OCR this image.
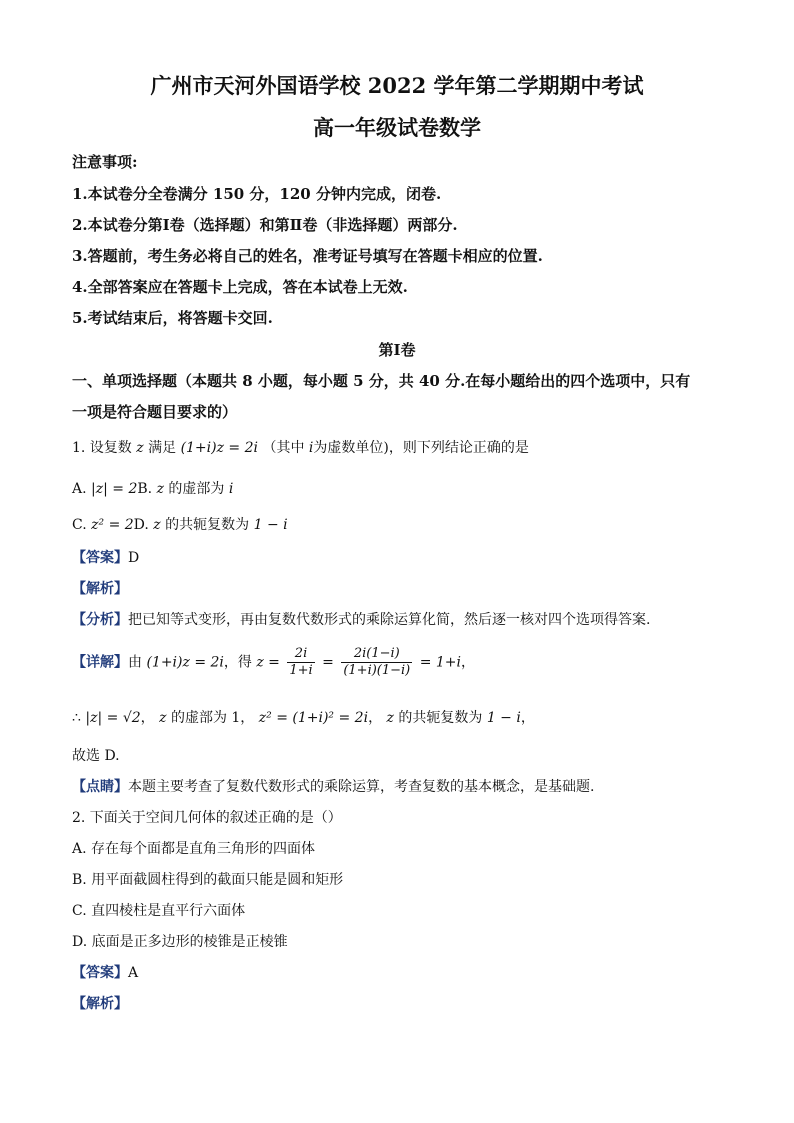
广州市天河外国语学校 2022 学年第二学期期中考试
高一年级试卷数学
注意事项:
1.本试卷分全卷满分 150 分，120 分钟内完成，闭卷.
2.本试卷分第Ⅰ卷（选择题）和第Ⅱ卷（非选择题）两部分.
3.答题前，考生务必将自己的姓名，准考证号填写在答题卡相应的位置.
4.全部答案应在答题卡上完成，答在本试卷上无效.
5.考试结束后，将答题卡交回.
第Ⅰ卷
一、单项选择题（本题共 8 小题，每小题 5 分，共 40 分.在每小题给出的四个选项中，只有
一项是符合题目要求的）
1. 设复数 z 满足 (1+i)z = 2i （其中 i为虚数单位)，则下列结论正确的是
A. |z| = 2B. z 的虚部为 i
C. z² = 2D. z 的共轭复数为 1 − i
【答案】D
【解析】
【分析】把已知等式变形，再由复数代数形式的乘除运算化简，然后逐一核对四个选项得答案.
【详解】由 (1+i)z = 2i，得 $z = \frac{2i}{1+i} = \frac{2i(1-i)}{(1+i)(1-i)} = 1+i$，
∴ |z| = √2， z 的虚部为 1， z² = (1+i)² = 2i， z 的共轭复数为 1 − i，
故选 D.
【点睛】本题主要考查了复数代数形式的乘除运算，考查复数的基本概念，是基础题.
2. 下面关于空间几何体的叙述正确的是（）
A. 存在每个面都是直角三角形的四面体
B. 用平面截圆柱得到的截面只能是圆和矩形
C. 直四棱柱是直平行六面体
D. 底面是正多边形的棱锥是正棱锥
【答案】A
【解析】
